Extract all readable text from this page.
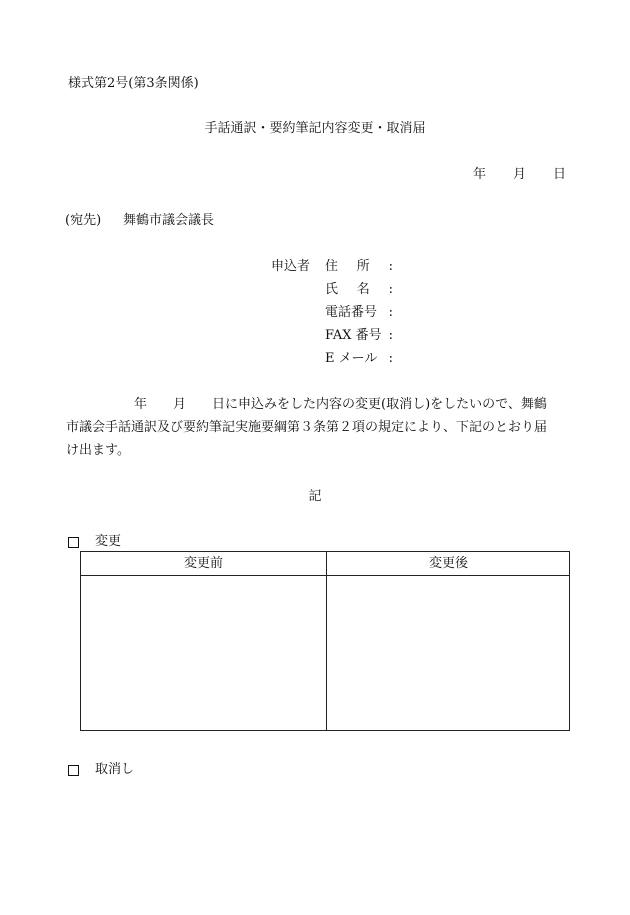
様式第2号(第3条関係)
手話通訳・要約筆記内容変更・取消届
年 月 日
(宛先) 舞鶴市議会議長
申込者 住 所 :
氏 名 :
電話番号 :
FAX 番号 :
E メール :
年　　月　　日に申込みをした内容の変更(取消し)をしたいので、舞鶴
市議会手話通訳及び要約筆記実施要綱第３条第２項の規定により、下記のとおり届
け出ます。
記
変更
変更前	変更後
取消し
